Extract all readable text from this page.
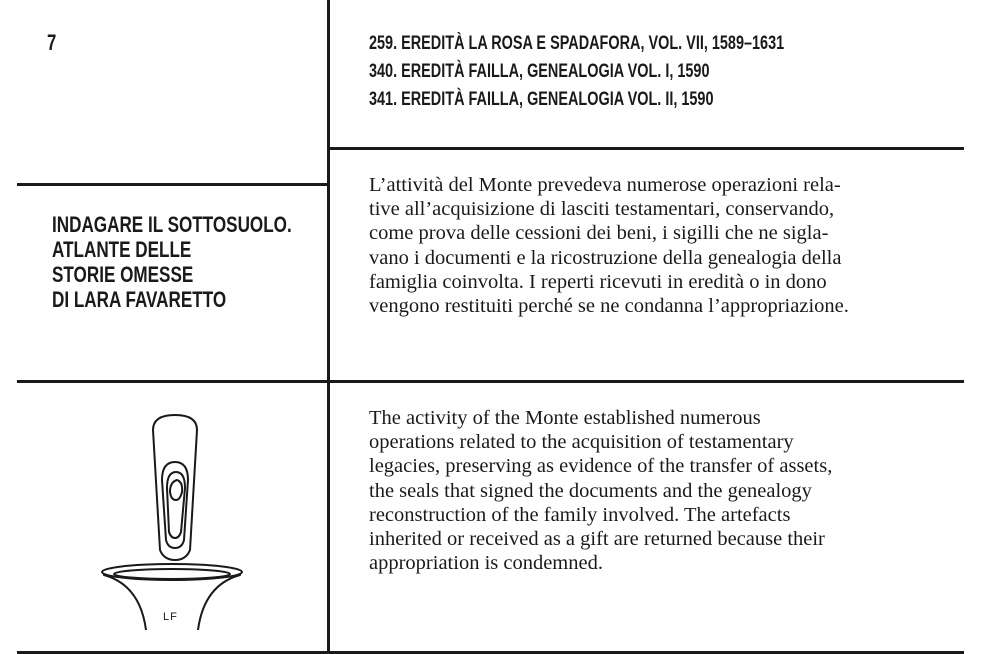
7	259. EREDITÀ LA ROSA E SPADAFORA, VOL. VII, 1589–1631
340. EREDITÀ FAILLA, GENEALOGIA VOL. I, 1590
341. EREDITÀ FAILLA, GENEALOGIA VOL. II, 1590
INDAGARE IL SOTTOSUOLO.
ATLANTE DELLE
STORIE OMESSE
DI LARA FAVARETTO
L’attività del Monte prevedeva numerose operazioni rela-
tive all’acquisizione di lasciti testamentari, conservando,
come prova delle cessioni dei beni, i sigilli che ne sigla-
vano i documenti e la ricostruzione della genealogia della
famiglia coinvolta. I reperti ricevuti in eredità o in dono
vengono restituiti perché se ne condanna l’appropriazione.
The activity of the Monte established numerous
operations related to the acquisition of testamentary
legacies, preserving as evidence of the transfer of assets,
the seals that signed the documents and the genealogy
reconstruction of the family involved. The artefacts
inherited or received as a gift are returned because their
appropriation is condemned.
LF
